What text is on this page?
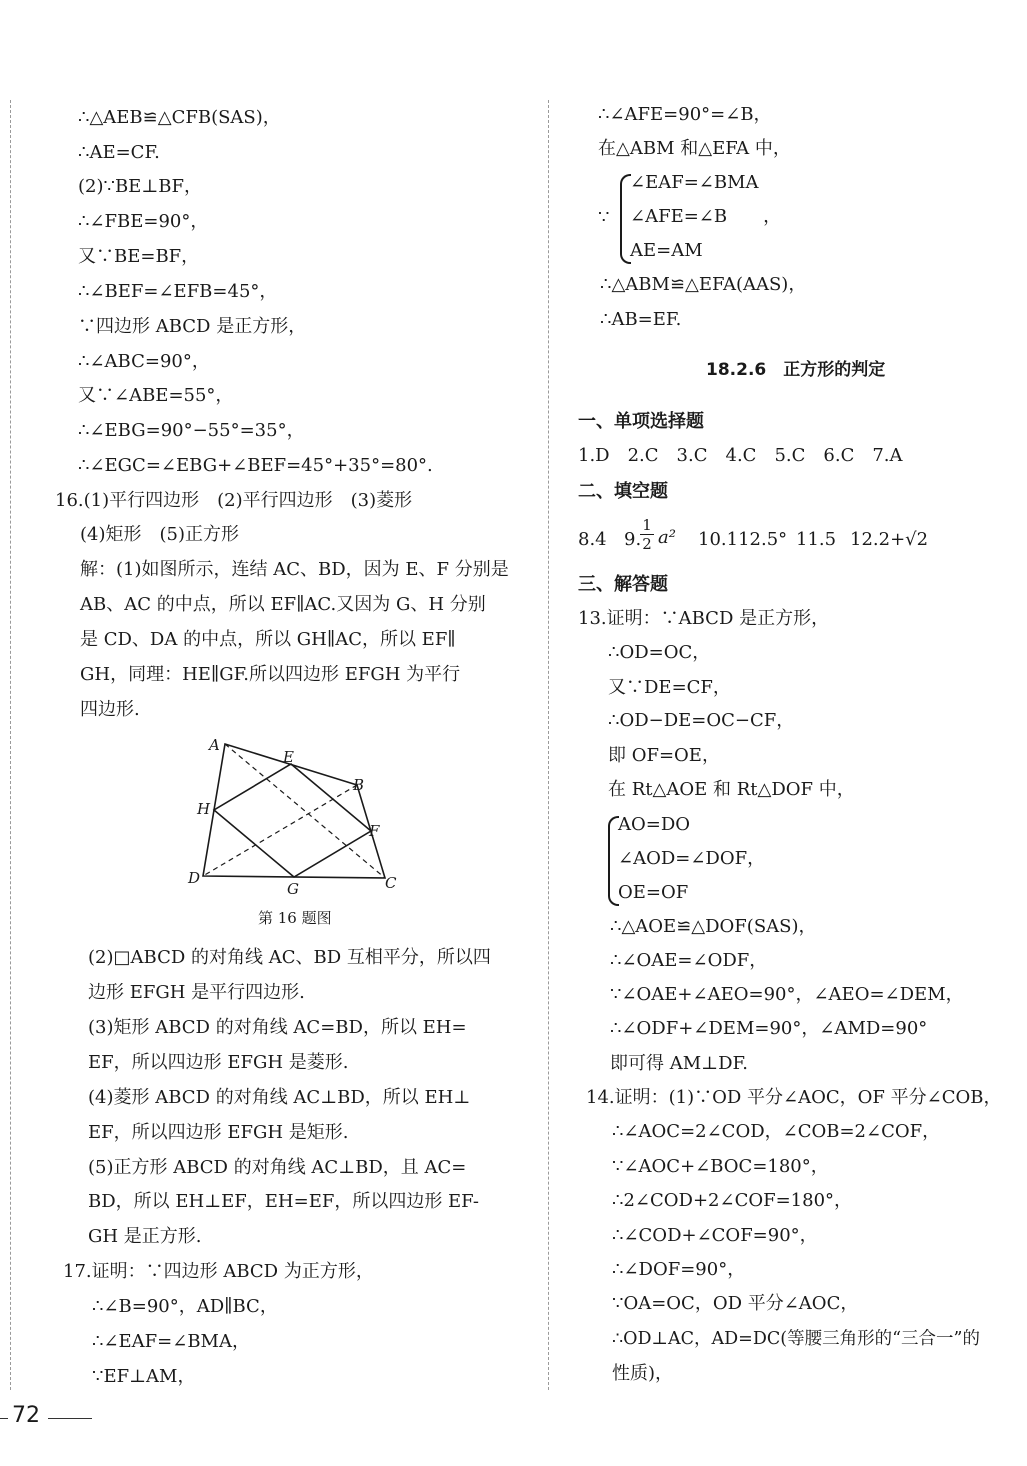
∴△AEB≌△CFB(SAS)，
∴AE=CF.
(2)∵BE⊥BF，
∴∠FBE=90°，
又∵BE=BF，
∴∠BEF=∠EFB=45°，
∵四边形 ABCD 是正方形，
∴∠ABC=90°，
又∵∠ABE=55°，
∴∠EBG=90°−55°=35°，
∴∠EGC=∠EBG+∠BEF=45°+35°=80°.
16.(1)平行四边形　(2)平行四边形　(3)菱形
(4)矩形　(5)正方形
解：(1)如图所示，连结 AC、BD，因为 E、F 分别是
AB、AC 的中点，所以 EF∥AC.又因为 G、H 分别
是 CD、DA 的中点，所以 GH∥AC，所以 EF∥
GH，同理：HE∥GF.所以四边形 EFGH 为平行
四边形.
A
E
B
H
F
D
G	C
第 16 题图
(2)□ABCD 的对角线 AC、BD 互相平分，所以四
边形 EFGH 是平行四边形.
(3)矩形 ABCD 的对角线 AC=BD，所以 EH=
EF，所以四边形 EFGH 是菱形.
(4)菱形 ABCD 的对角线 AC⊥BD，所以 EH⊥
EF，所以四边形 EFGH 是矩形.
(5)正方形 ABCD 的对角线 AC⊥BD，且 AC=
BD，所以 EH⊥EF，EH=EF，所以四边形 EF-
GH 是正方形.
17.证明：∵四边形 ABCD 为正方形，
∴∠B=90°，AD∥BC，
∴∠EAF=∠BMA，
∵EF⊥AM，
∴∠AFE=90°=∠B，
在△ABM 和△EFA 中，
∵
∠EAF=∠BMA
∠AFE=∠B　　，
AE=AM
∴△ABM≌△EFA(AAS)，
∴AB=EF.
18.2.6　正方形的判定
一、单项选择题
1.D　2.C　3.C　4.C　5.C　6.C　7.A
二、填空题
8.4 9.
1
2 a² 10.112.5° 11.5 12.2+√2
三、解答题
13.证明：∵ABCD 是正方形，
∴OD=OC，
又∵DE=CF，
∴OD−DE=OC−CF，
即 OF=OE，
在 Rt△AOE 和 Rt△DOF 中，
AO=DO
∠AOD=∠DOF，
OE=OF
∴△AOE≌△DOF(SAS)，
∴∠OAE=∠ODF，
∵∠OAE+∠AEO=90°，∠AEO=∠DEM，
∴∠ODF+∠DEM=90°，∠AMD=90°
即可得 AM⊥DF.
14.证明：(1)∵OD 平分∠AOC，OF 平分∠COB，
∴∠AOC=2∠COD，∠COB=2∠COF，
∵∠AOC+∠BOC=180°，
∴2∠COD+2∠COF=180°，
∴∠COD+∠COF=90°，
∴∠DOF=90°，
∵OA=OC，OD 平分∠AOC，
∴OD⊥AC，AD=DC(等腰三角形的“三合一”的
性质)，
72
